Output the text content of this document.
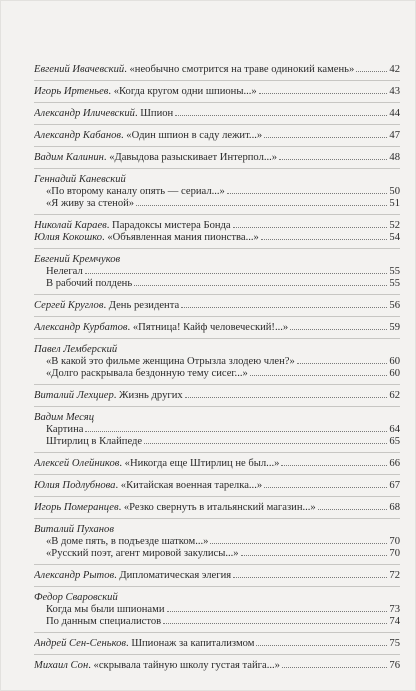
Евгений Ивачевский. «необычно смотрится на траве одинокий камень»	42
Игорь Иртеньев. «Когда кругом одни шпионы...»	43
Александр Иличевский. Шпион	44
Александр Кабанов. «Один шпион в саду лежит...»	47
Вадим Калинин. «Давыдова разыскивает Интерпол...»	48
Геннадий Каневский
«По второму каналу опять — сериал...»	50
«Я живу за стеной»	51
Николай Караев. Парадоксы мистера Бонда	52
Юлия Кокошко. «Объявленная мания пионства...»	54
Евгений Кремчуков
Нелегал	55
В рабочий полдень	55
Сергей Круглов. День резидента	56
Александр Курбатов. «Пятница! Кайф человеческий!...»	59
Павел Лемберский
«В какой это фильме женщина Отрызла злодею член?»	60
«Долго раскрывала бездонную тему сисег...»	60
Виталий Лехциер. Жизнь других	62
Вадим Месяц
Картина	64
Штирлиц в Клайпеде	65
Алексей Олейников. «Никогда еще Штирлиц не был...»	66
Юлия Подлубнова. «Китайская военная тарелка...»	67
Игорь Померанцев. «Резко свернуть в итальянский магазин...»	68
Виталий Пуханов
«В доме пять, в подъезде шатком...»	70
«Русский поэт, агент мировой закулисы...»	70
Александр Рытов. Дипломатическая элегия	72
Федор Сваровский
Когда мы были шпионами	73
По данным специалистов	74
Андрей Сен-Сеньков. Шпионаж за капитализмом	75
Михаил Сон. «скрывала тайную школу густая тайга...»	76
